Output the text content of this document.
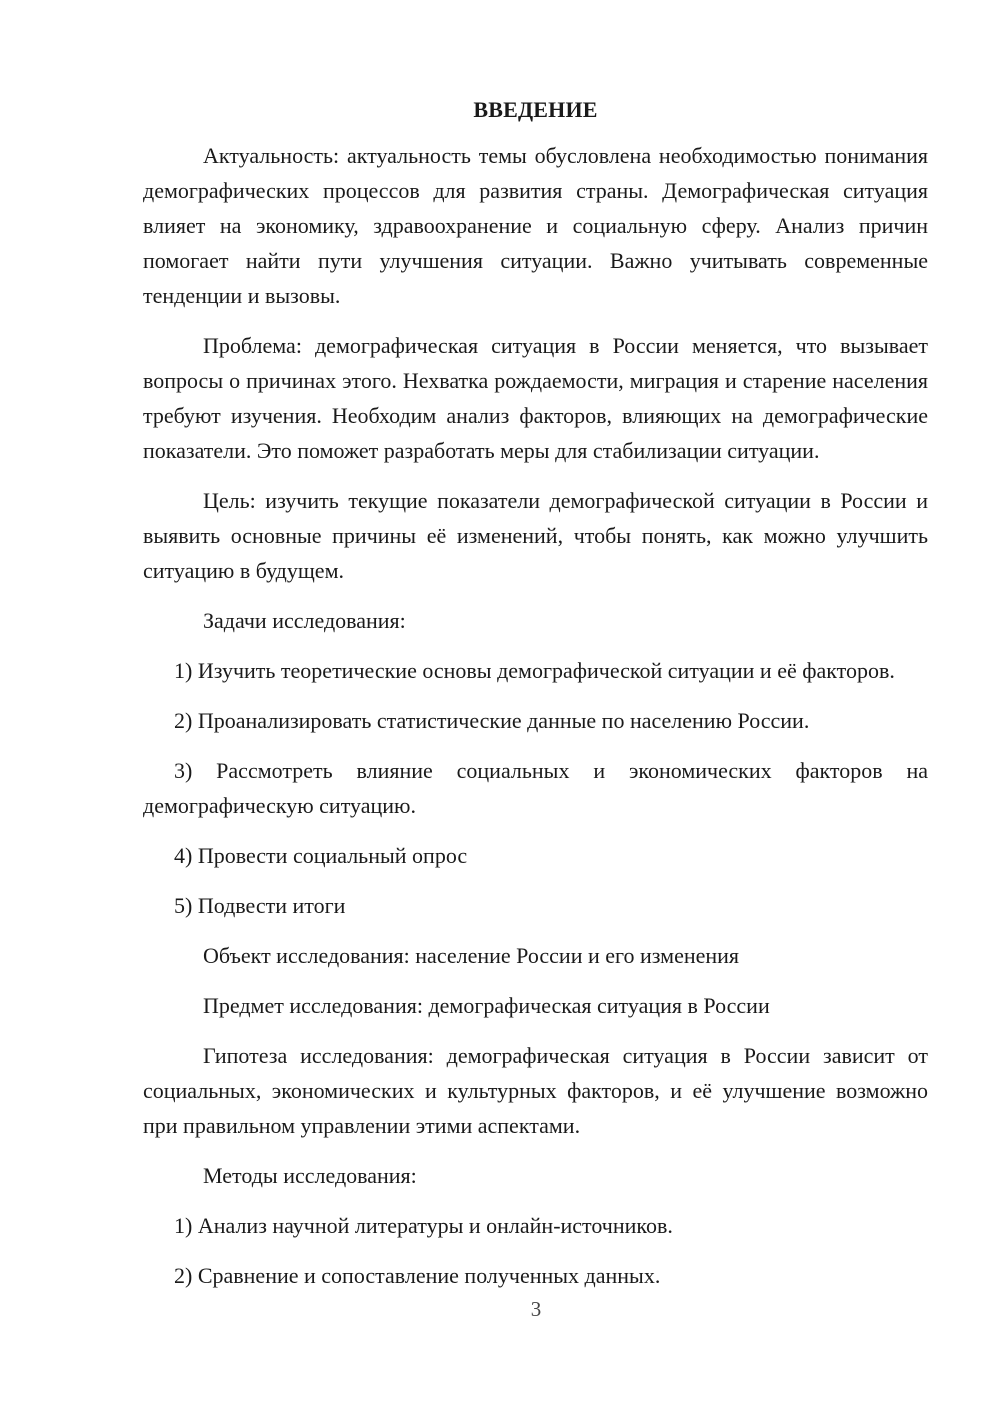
ВВЕДЕНИЕ

Актуальность: актуальность темы обусловлена необходимостью понимания демографических процессов для развития страны. Демографическая ситуация влияет на экономику, здравоохранение и социальную сферу. Анализ причин помогает найти пути улучшения ситуации. Важно учитывать современные тенденции и вызовы.

Проблема: демографическая ситуация в России меняется, что вызывает вопросы о причинах этого. Нехватка рождаемости, миграция и старение населения требуют изучения. Необходим анализ факторов, влияющих на демографические показатели. Это поможет разработать меры для стабилизации ситуации.

Цель: изучить текущие показатели демографической ситуации в России и выявить основные причины её изменений, чтобы понять, как можно улучшить ситуацию в будущем.

Задачи исследования:

1) Изучить теоретические основы демографической ситуации и её факторов.

2) Проанализировать статистические данные по населению России.

3) Рассмотреть влияние социальных и экономических факторов на демографическую ситуацию.

4) Провести социальный опрос

5) Подвести итоги

Объект исследования: население России и его изменения

Предмет исследования: демографическая ситуация в России

Гипотеза исследования: демографическая ситуация в России зависит от социальных, экономических и культурных факторов, и её улучшение возможно при правильном управлении этими аспектами.

Методы исследования:

1) Анализ научной литературы и онлайн-источников.

2) Сравнение и сопоставление полученных данных.

3
